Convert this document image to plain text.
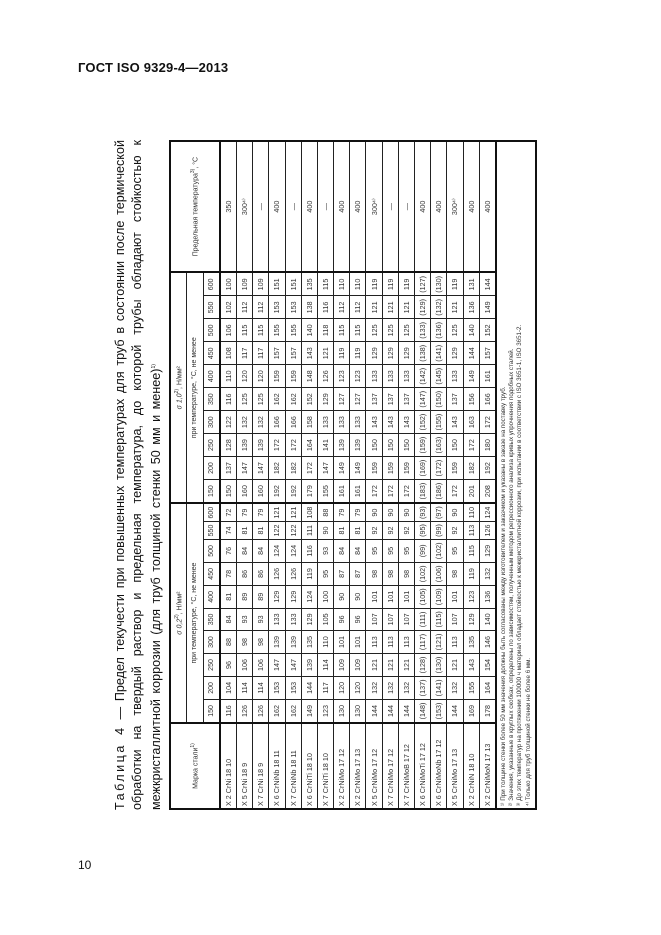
ГОСТ ISO 9329-4—2013

Таблица 4 — Предел текучести при повышенных температурах для труб в состоянии после термической обработки на твердый раствор и предельная температура, до которой трубы обладают стойкостью к межкристаллитной коррозии (для труб толщиной стенки 50 мм и менее)$^{1)}$

Марка стали$^{1)}$	σ 0,2$^{2)}$, Н/мм²										σ 1,0$^{2)}$, Н/мм²										Предельная температура$^{3)}$, °С
	при температуре, °С, не менее										при температуре, °С, не менее										
	150	200	250	300	350	400	450	500	550	600	150	200	250	300	350	400	450	500	550	600	
X 2 CrNi 18 10	116	104	96	88	84	81	78	76	74	72	150	137	128	122	116	110	108	106	102	100	350
X 5 CrNi 18 9	126	114	106	98	93	89	86	84	81	79	160	147	139	132	125	120	117	115	112	109	300⁴⁾
X 7 CrNi 18 9	126	114	106	98	93	89	86	84	81	79	160	147	139	132	125	120	117	115	112	109	—
X 6 CrNiNb 18 11	162	153	147	139	133	129	126	124	122	121	192	182	172	166	162	159	157	155	153	151	400
X 7 CrNiNb 18 11	162	153	147	139	133	129	126	124	122	121	192	182	172	166	162	159	157	155	153	151	—
X 6 CrNiTi 18 10	149	144	139	135	129	124	119	116	111	108	179	172	164	158	152	148	143	140	138	135	400
X 7 CrNiTi 18 10	123	117	114	110	105	100	95	93	90	88	155	147	141	133	129	126	121	118	116	115	—
X 2 CrNiMo 17 12	130	120	109	101	96	90	87	84	81	79	161	149	139	133	127	123	119	115	112	110	400
X 2 CrNiMo 17 13	130	120	109	101	96	90	87	84	81	79	161	149	139	133	127	123	119	115	112	110	400
X 5 CrNiMo 17 12	144	132	121	113	107	101	98	95	92	90	172	159	150	143	137	133	129	125	121	119	300⁴⁾
X 7 CrNiMo 17 12	144	132	121	113	107	101	98	95	92	90	172	159	150	143	137	133	129	125	121	119	—
X 7 CrNiMoB 17 12	144	132	121	113	107	101	98	95	92	90	172	159	150	143	137	133	129	125	121	119	—
X 6 CrNiMoTi 17 12	(148)	(137)	(128)	(117)	(111)	(105)	(102)	(99)	(95)	(93)	(183)	(169)	(159)	(152)	(147)	(142)	(138)	(133)	(129)	(127)	400
X 6 CrNiMoNb 17 12	(153)	(141)	(130)	(121)	(115)	(109)	(106)	(102)	(99)	(97)	(186)	(172)	(163)	(155)	(150)	(145)	(141)	(136)	(132)	(130)	400
X 5 CrNiMo 17 13	144	132	121	113	107	101	98	95	92	90	172	159	150	143	137	133	129	125	121	119	300⁴⁾
X 2 CrNiN 18 10	169	155	143	135	129	123	119	115	113	110	201	182	172	163	156	149	144	140	136	131	400
X 2 CrNiMoN 17 13	178	164	154	146	140	136	132	129	126	124	208	192	180	172	166	161	157	152	149	144	400

¹⁾ При толщине стенки более 50 мм значения должны быть согласованы между изготовителем и заказчиком и указаны в заказе на поставку труб. ²⁾ Значения, указанные в круглых скобках, определены по зависимостям, полученным методом регрессионного анализа кривых упрочнения подобных сталей. ³⁾ До этих температур на протяжении 100000 ч материал обладает стойкостью к межкристаллитной коррозии, при испытании в соответствии с ISO 3651-1, ISO 3651-2. ⁴⁾ Только для труб толщиной стенки не более 6 мм.																					
10
